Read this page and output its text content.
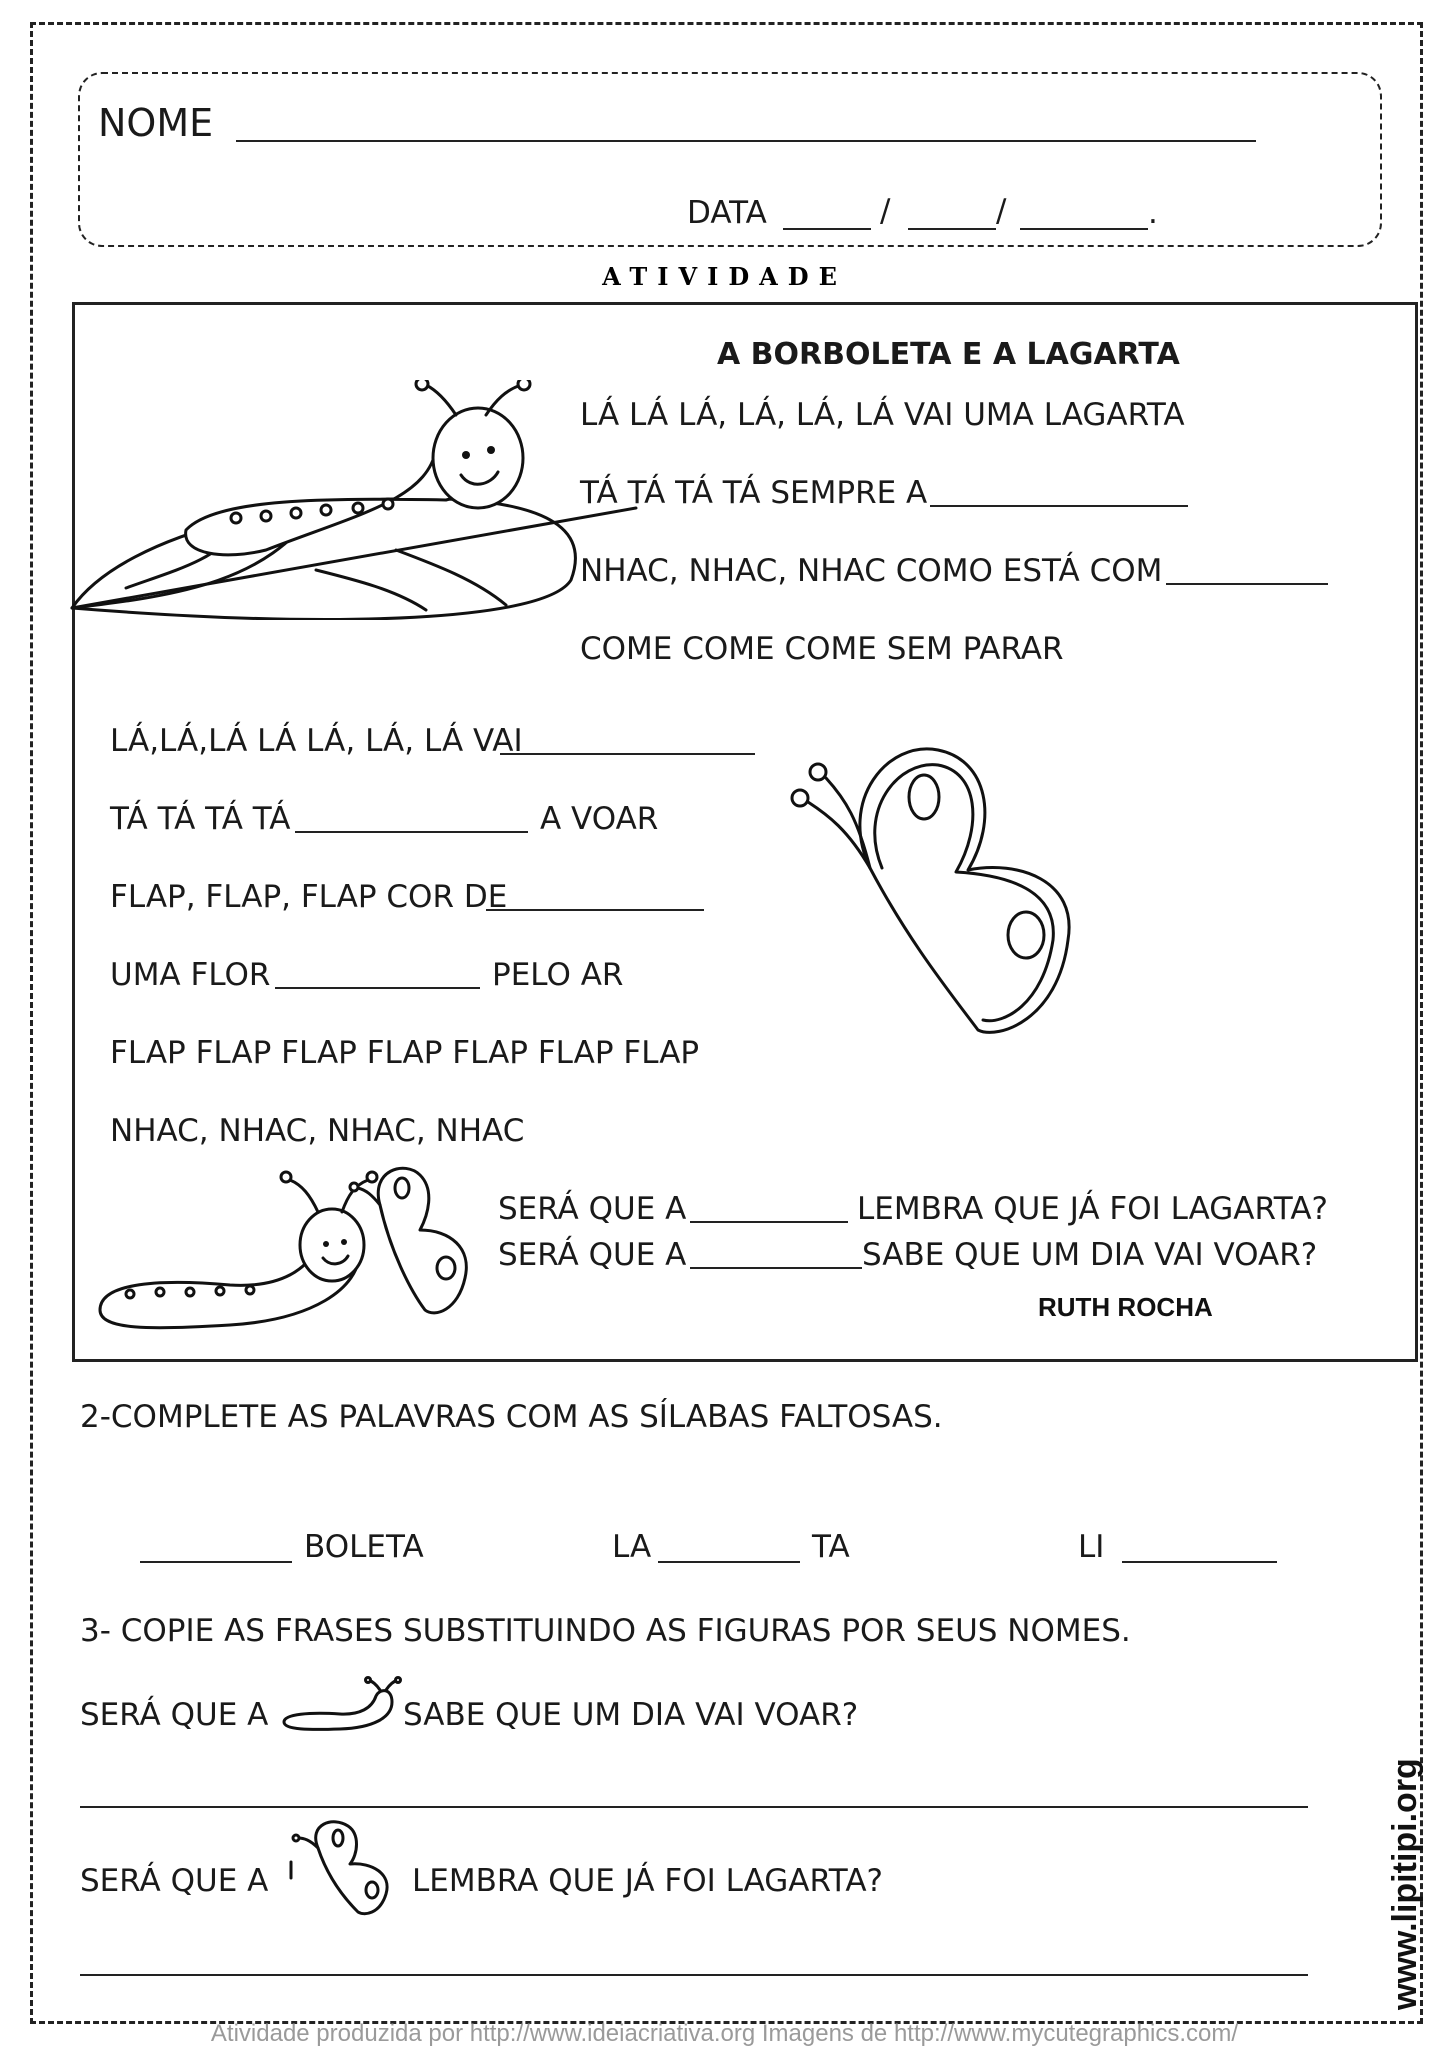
NOME
DATA	/	/	.
ATIVIDADE
A BORBOLETA E A LAGARTA
LÁ LÁ LÁ, LÁ, LÁ, LÁ VAI UMA LAGARTA
TÁ TÁ TÁ TÁ SEMPRE A
NHAC, NHAC, NHAC COMO ESTÁ COM
COME COME COME SEM PARAR
LÁ,LÁ,LÁ LÁ LÁ, LÁ, LÁ VAI
TÁ TÁ TÁ TÁ	A VOAR
FLAP, FLAP, FLAP COR DE
UMA FLOR	PELO AR
FLAP FLAP FLAP FLAP FLAP FLAP FLAP
NHAC, NHAC, NHAC, NHAC
SERÁ QUE A	LEMBRA QUE JÁ FOI LAGARTA?
SERÁ QUE A	SABE QUE UM DIA VAI VOAR?
RUTH ROCHA
2-COMPLETE AS PALAVRAS COM AS SÍLABAS FALTOSAS.
BOLETA	LA	TA	LI
3- COPIE AS FRASES SUBSTITUINDO AS FIGURAS POR SEUS NOMES.
SERÁ QUE A	SABE QUE UM DIA VAI VOAR?
SERÁ QUE A	LEMBRA QUE JÁ FOI LAGARTA?	www.lipitipi.org
Atividade produzida por http://www.ideiacriativa.org Imagens de http://www.mycutegraphics.com/
